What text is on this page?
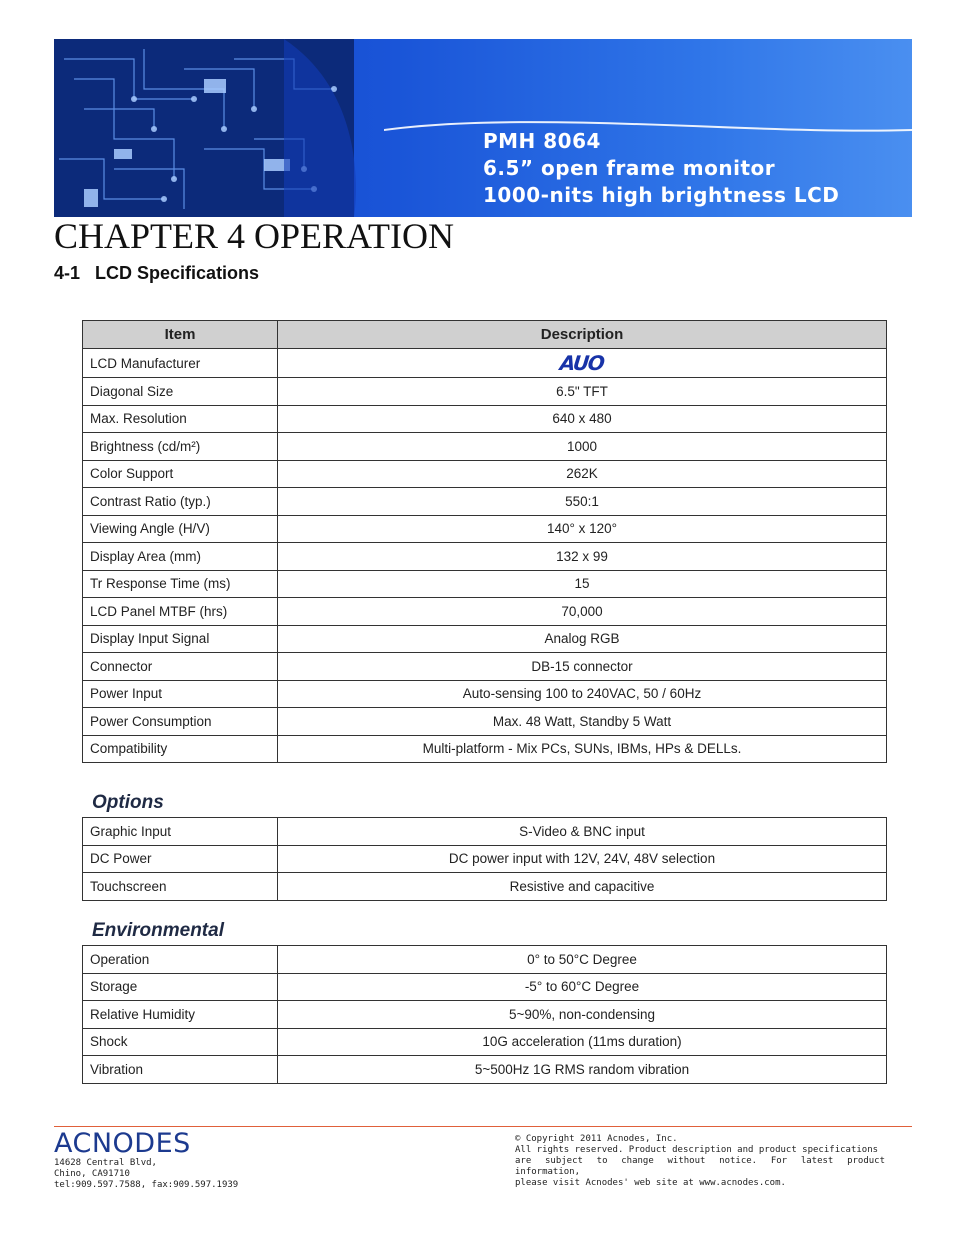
PMH 8064
6.5” open frame monitor
1000-nits high brightness LCD
CHAPTER 4 OPERATION
4-1 LCD Specifications
Item	Description
LCD Manufacturer	AUO
Diagonal Size	6.5" TFT
Max. Resolution	640 x 480
Brightness (cd/m²)	1000
Color Support	262K
Contrast Ratio (typ.)	550:1
Viewing Angle (H/V)	140° x 120°
Display Area (mm)	132 x 99
Tr Response Time (ms)	15
LCD Panel MTBF (hrs)	70,000
Display Input Signal	Analog RGB
Connector	DB-15 connector
Power Input	Auto-sensing 100 to 240VAC, 50 / 60Hz
Power Consumption	Max. 48 Watt, Standby 5 Watt
Compatibility	Multi-platform - Mix PCs, SUNs, IBMs, HPs & DELLs.
Options
Graphic Input	S-Video & BNC input
DC Power	DC power input with 12V, 24V, 48V selection
Touchscreen	Resistive and capacitive
Environmental
Operation	0° to 50°C Degree
Storage	-5° to 60°C Degree
Relative Humidity	5~90%, non-condensing
Shock	10G acceleration (11ms duration)
Vibration	5~500Hz 1G RMS random vibration
ACNODES
14628 Central Blvd,
Chino, CA91710
tel:909.597.7588, fax:909.597.1939
© Copyright 2011 Acnodes, Inc.
All rights reserved. Product description and product specifications
are subject to change without notice. For latest product information,
please visit Acnodes' web site at www.acnodes.com.
